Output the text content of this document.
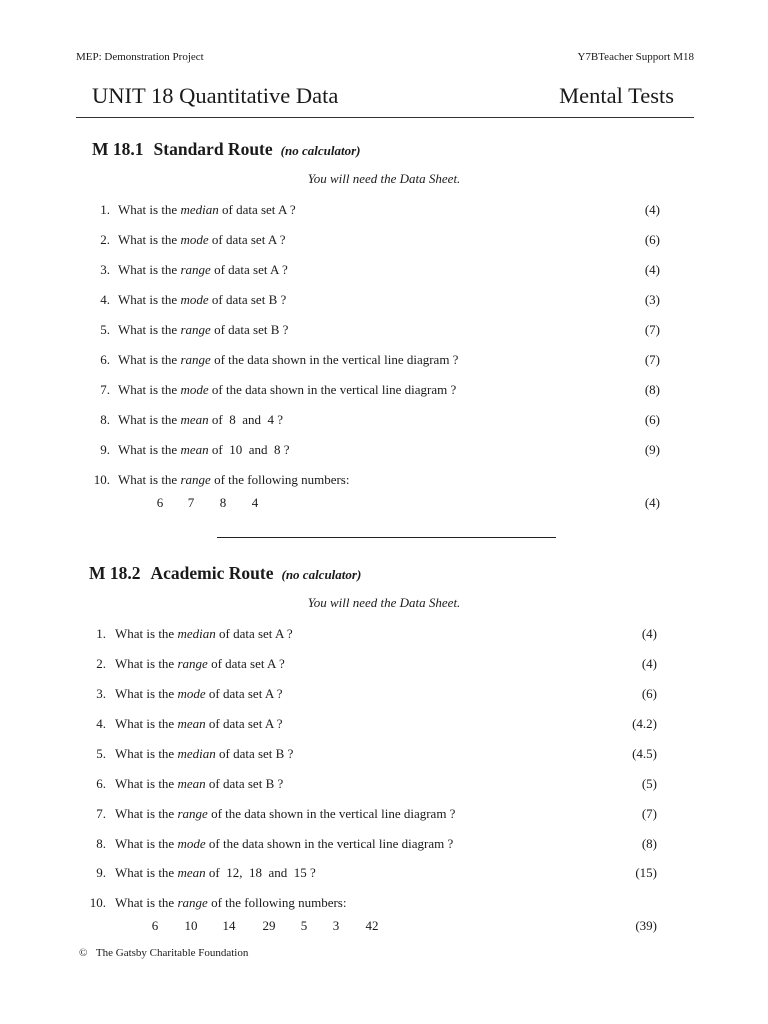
MEP: Demonstration Project	Y7BTeacher Support M18
UNIT 18 Quantitative Data	Mental Tests
M 18.1 Standard Route (no calculator)
You will need the Data Sheet.
1. What is the median of data set A ?	(4)
2. What is the mode of data set A ?	(6)
3. What is the range of data set A ?	(4)
4. What is the mode of data set B ?	(3)
5. What is the range of data set B ?	(7)
6. What is the range of the data shown in the vertical line diagram ?	(7)
7. What is the mode of the data shown in the vertical line diagram ?	(8)
8. What is the mean of  8  and  4 ?	(6)
9. What is the mean of  10  and  8 ?	(9)
10. What is the range of the following numbers:
6	7	8	4	(4)
M 18.2 Academic Route (no calculator)
You will need the Data Sheet.
1. What is the median of data set A ?	(4)
2. What is the range of data set A ?	(4)
3. What is the mode of data set A ?	(6)
4. What is the mean of data set A ?	(4.2)
5. What is the median of data set B ?	(4.5)
6. What is the mean of data set B ?	(5)
7. What is the range of the data shown in the vertical line diagram ?	(7)
8. What is the mode of the data shown in the vertical line diagram ?	(8)
9. What is the mean of  12,  18  and  15 ?	(15)
10. What is the range of the following numbers:
6	10	14	29	5	3	42	(39)
© The Gatsby Charitable Foundation
